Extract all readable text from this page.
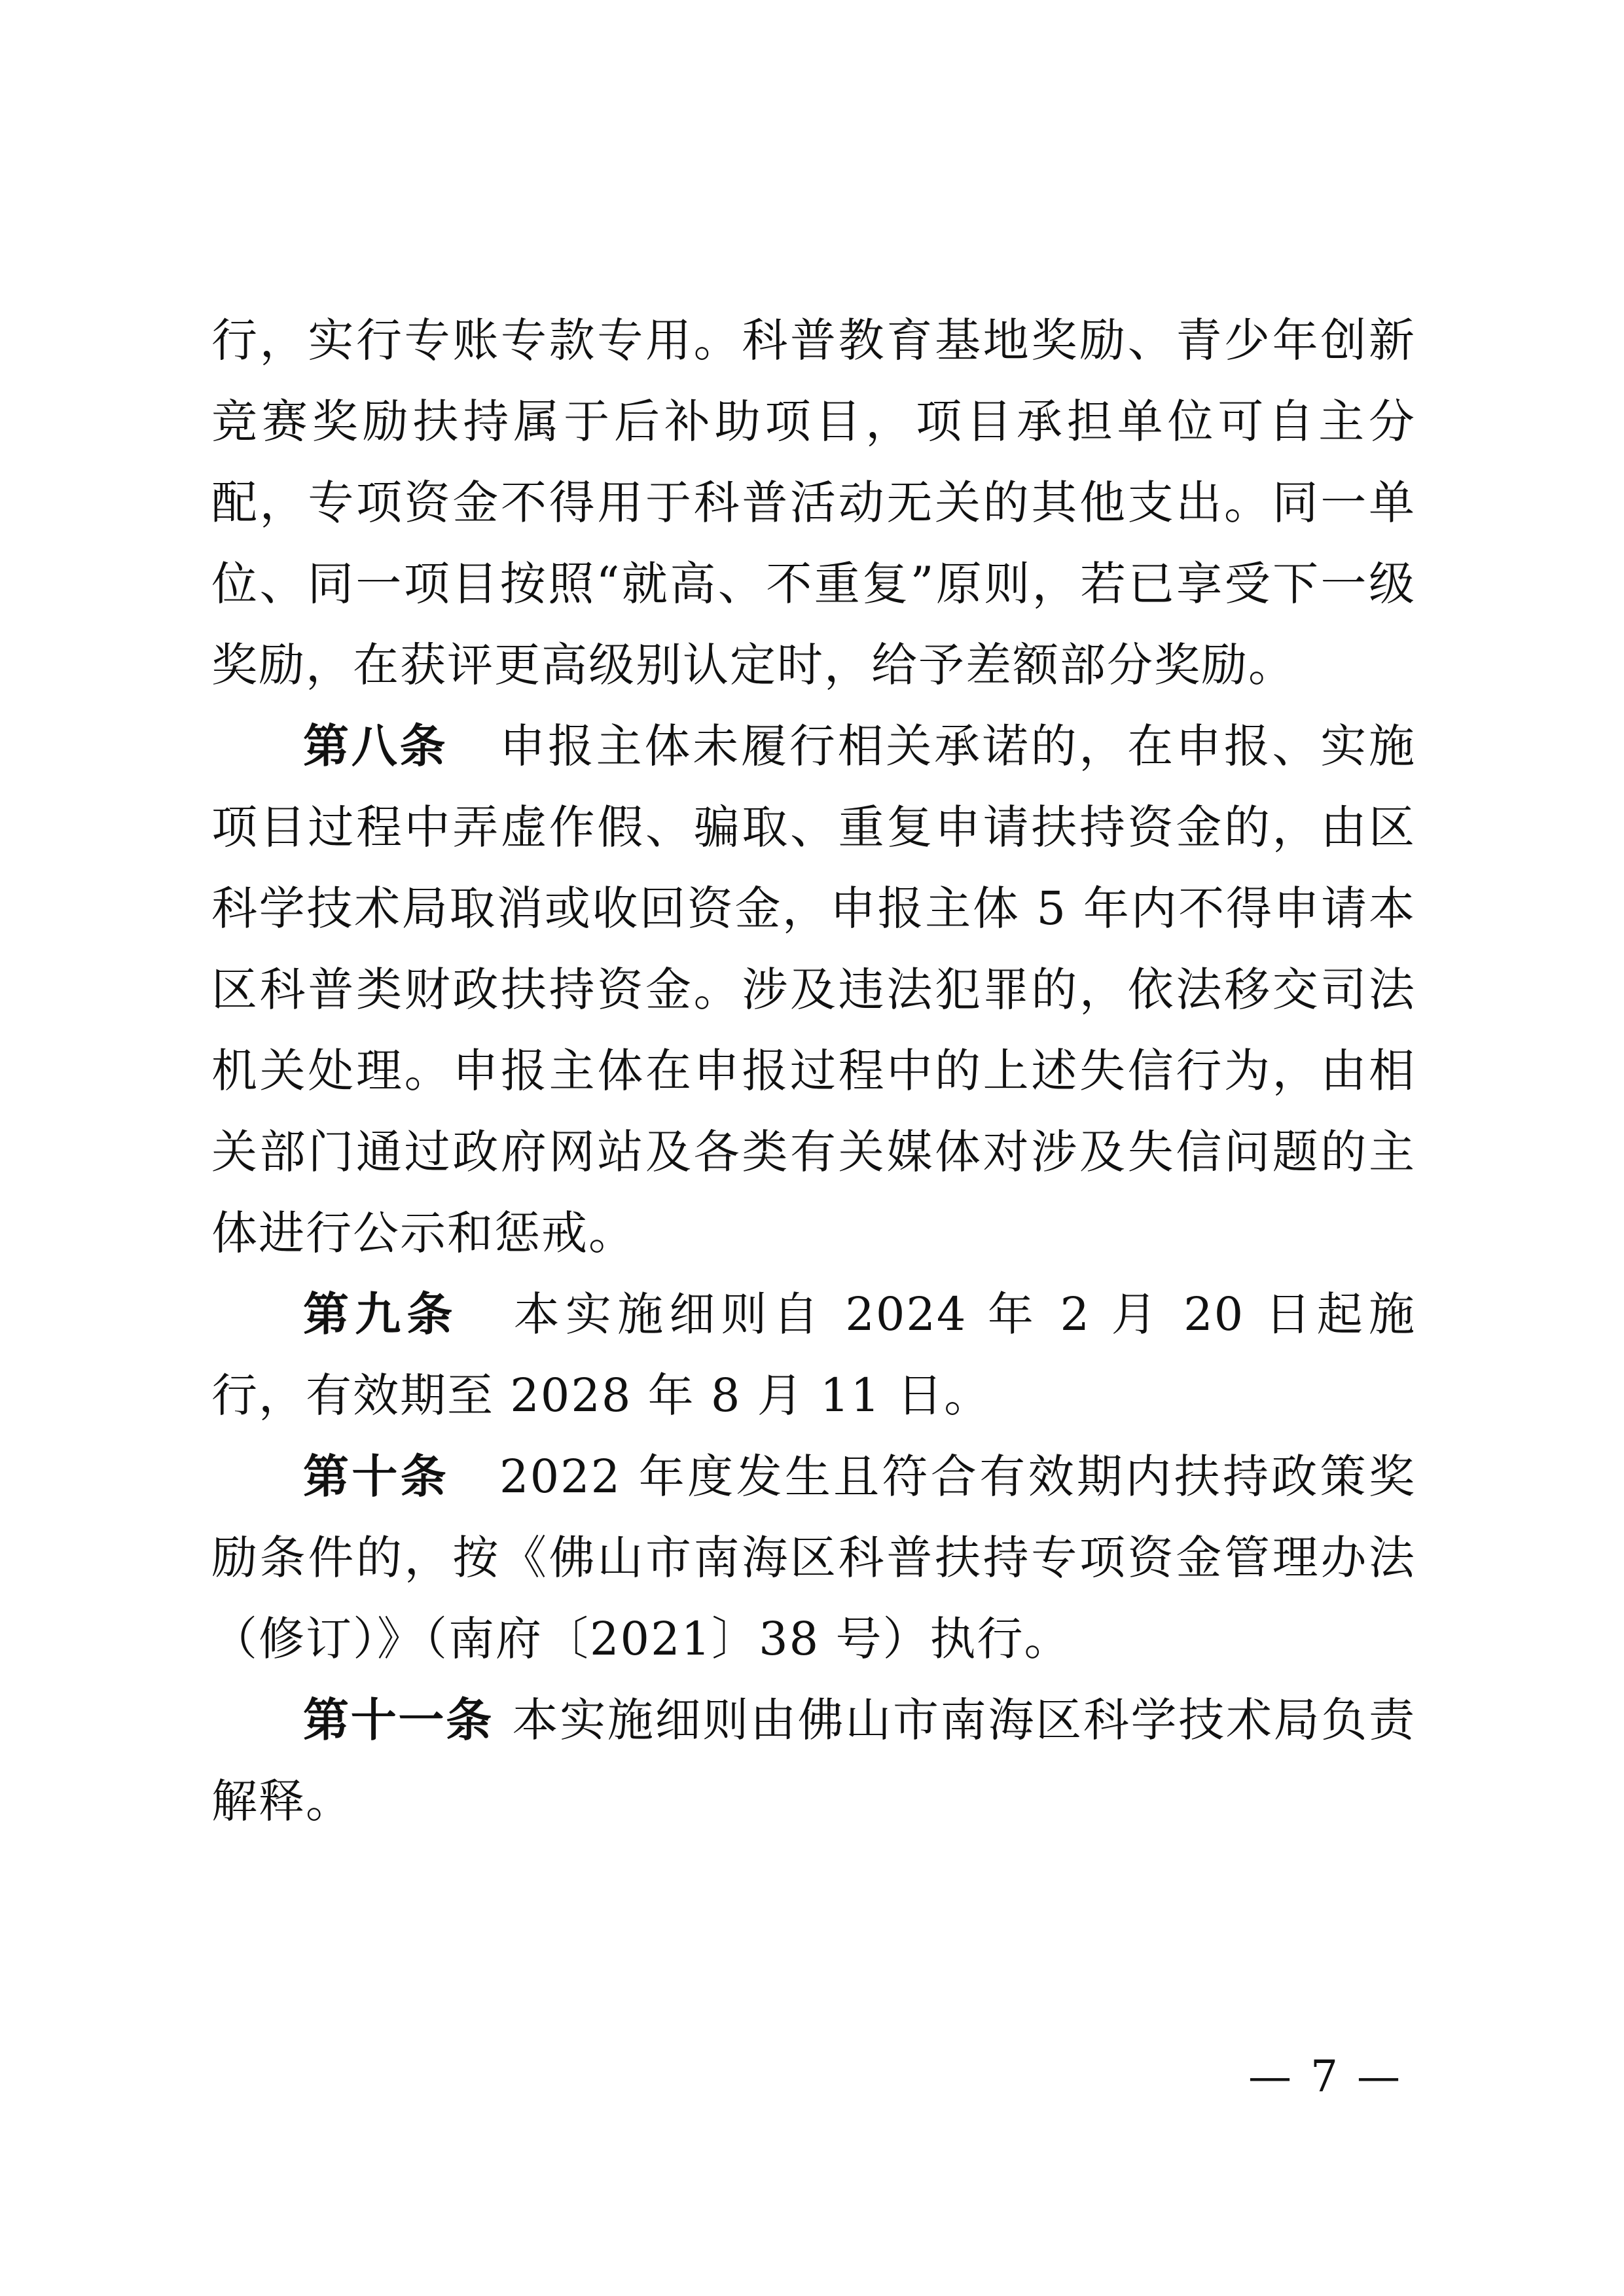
行，实行专账专款专用。科普教育基地奖励、青少年创新竞赛奖励扶持属于后补助项目，项目承担单位可自主分配，专项资金不得用于科普活动无关的其他支出。同一单位、同一项目按照“就高、不重复”原则，若已享受下一级奖励，在获评更高级别认定时，给予差额部分奖励。

第八条 申报主体未履行相关承诺的，在申报、实施项目过程中弄虚作假、骗取、重复申请扶持资金的，由区科学技术局取消或收回资金，申报主体 5 年内不得申请本区科普类财政扶持资金。涉及违法犯罪的，依法移交司法机关处理。申报主体在申报过程中的上述失信行为，由相关部门通过政府网站及各类有关媒体对涉及失信问题的主体进行公示和惩戒。

第九条 本实施细则自 2024 年 2 月 20 日起施行，有效期至 2028 年 8 月 11 日。

第十条 2022 年度发生且符合有效期内扶持政策奖励条件的，按《佛山市南海区科普扶持专项资金管理办法（修订）》（南府〔2021〕38 号）执行。

第十一条 本实施细则由佛山市南海区科学技术局负责解释。

— 7 —
